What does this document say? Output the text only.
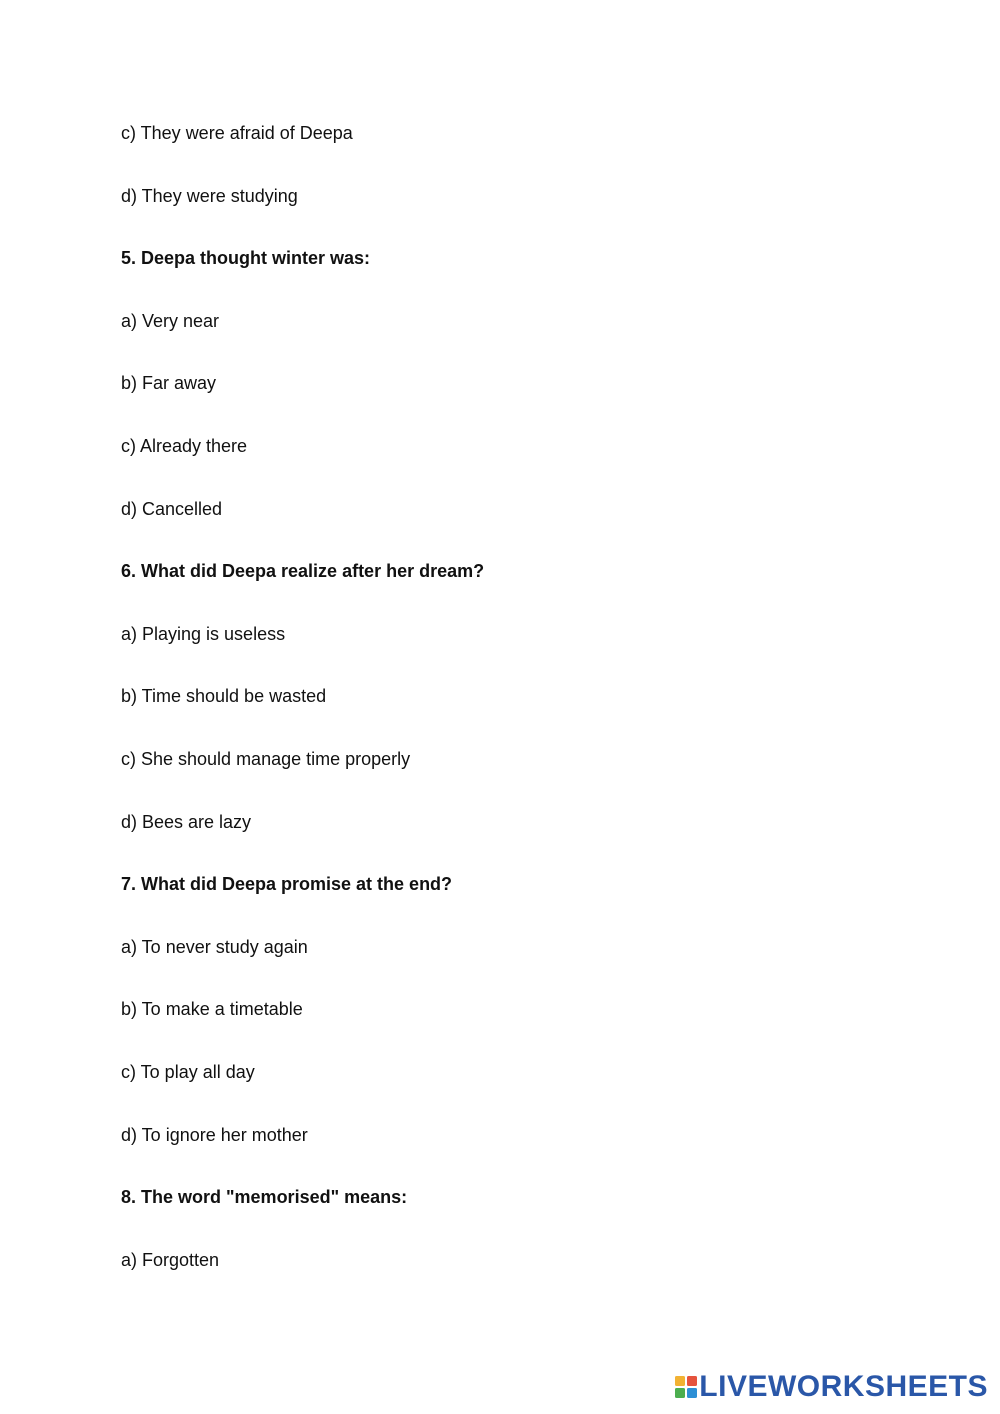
c) They were afraid of Deepa
d) They were studying
5. Deepa thought winter was:
a) Very near
b) Far away
c) Already there
d) Cancelled
6. What did Deepa realize after her dream?
a) Playing is useless
b) Time should be wasted
c) She should manage time properly
d) Bees are lazy
7. What did Deepa promise at the end?
a) To never study again
b) To make a timetable
c) To play all day
d) To ignore her mother
8. The word "memorised" means:
a) Forgotten
LIVEWORKSHEETS
